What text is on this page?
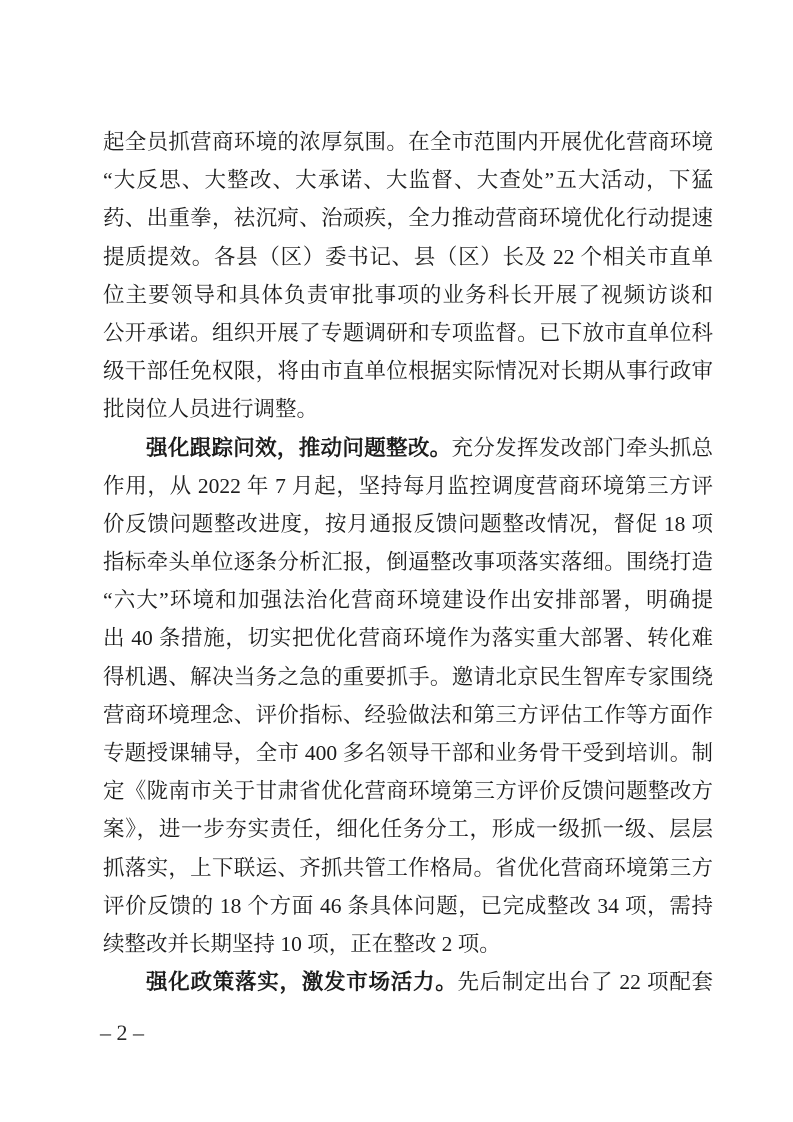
起全员抓营商环境的浓厚氛围。在全市范围内开展优化营商环境
“大反思、大整改、大承诺、大监督、大查处”五大活动，下猛
药、出重拳，祛沉疴、治顽疾，全力推动营商环境优化行动提速
提质提效。各县（区）委书记、县（区）长及 22 个相关市直单
位主要领导和具体负责审批事项的业务科长开展了视频访谈和
公开承诺。组织开展了专题调研和专项监督。已下放市直单位科
级干部任免权限，将由市直单位根据实际情况对长期从事行政审
批岗位人员进行调整。
强化跟踪问效，推动问题整改。充分发挥发改部门牵头抓总
作用，从 2022 年 7 月起，坚持每月监控调度营商环境第三方评
价反馈问题整改进度，按月通报反馈问题整改情况，督促 18 项
指标牵头单位逐条分析汇报，倒逼整改事项落实落细。围绕打造
“六大”环境和加强法治化营商环境建设作出安排部署，明确提
出 40 条措施，切实把优化营商环境作为落实重大部署、转化难
得机遇、解决当务之急的重要抓手。邀请北京民生智库专家围绕
营商环境理念、评价指标、经验做法和第三方评估工作等方面作
专题授课辅导，全市 400 多名领导干部和业务骨干受到培训。制
定《陇南市关于甘肃省优化营商环境第三方评价反馈问题整改方
案》，进一步夯实责任，细化任务分工，形成一级抓一级、层层
抓落实，上下联运、齐抓共管工作格局。省优化营商环境第三方
评价反馈的 18 个方面 46 条具体问题，已完成整改 34 项，需持
续整改并长期坚持 10 项，正在整改 2 项。
强化政策落实，激发市场活力。先后制定出台了 22 项配套
– 2 –
